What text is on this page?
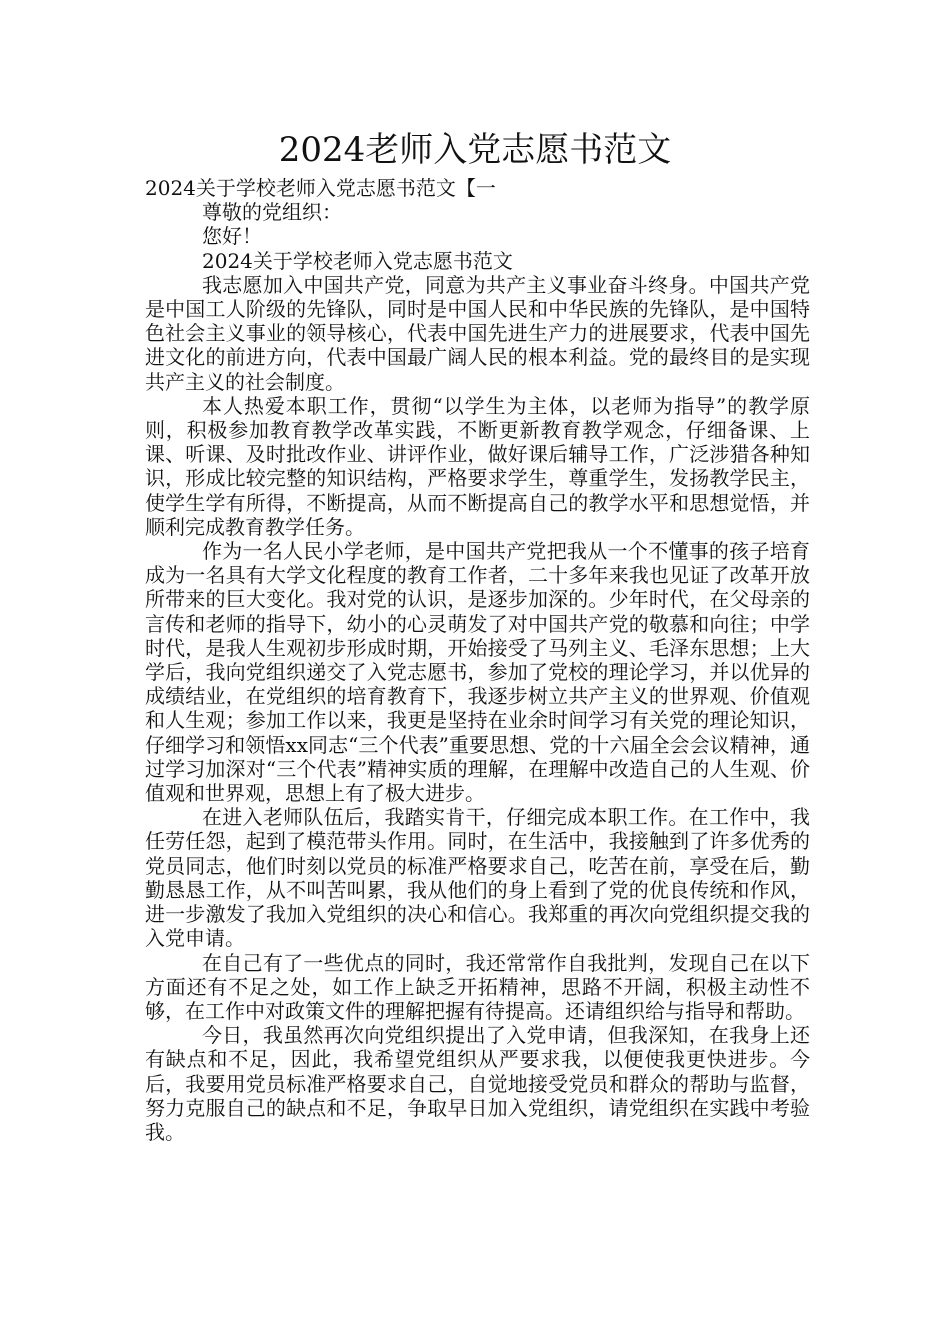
2024老师入党志愿书范文

2024关于学校老师入党志愿书范文【一

尊敬的党组织：

您好！

2024关于学校老师入党志愿书范文

我志愿加入中国共产党，同意为共产主义事业奋斗终身。中国共产党是中国工人阶级的先锋队，同时是中国人民和中华民族的先锋队，是中国特色社会主义事业的领导核心，代表中国先进生产力的进展要求，代表中国先进文化的前进方向，代表中国最广阔人民的根本利益。党的最终目的是实现共产主义的社会制度。

本人热爱本职工作，贯彻“以学生为主体，以老师为指导”的教学原则，积极参加教育教学改革实践，不断更新教育教学观念，仔细备课、上课、听课、及时批改作业、讲评作业，做好课后辅导工作，广泛涉猎各种知识，形成比较完整的知识结构，严格要求学生，尊重学生，发扬教学民主，使学生学有所得，不断提高，从而不断提高自己的教学水平和思想觉悟，并顺利完成教育教学任务。

作为一名人民小学老师，是中国共产党把我从一个不懂事的孩子培育成为一名具有大学文化程度的教育工作者，二十多年来我也见证了改革开放所带来的巨大变化。我对党的认识，是逐步加深的。少年时代，在父母亲的言传和老师的指导下，幼小的心灵萌发了对中国共产党的敬慕和向往；中学时代，是我人生观初步形成时期，开始接受了马列主义、毛泽东思想；上大学后，我向党组织递交了入党志愿书，参加了党校的理论学习，并以优异的成绩结业，在党组织的培育教育下，我逐步树立共产主义的世界观、价值观和人生观；参加工作以来，我更是坚持在业余时间学习有关党的理论知识，仔细学习和领悟xx同志“三个代表”重要思想、党的十六届全会会议精神，通过学习加深对“三个代表”精神实质的理解，在理解中改造自己的人生观、价值观和世界观，思想上有了极大进步。

在进入老师队伍后，我踏实肯干，仔细完成本职工作。在工作中，我任劳任怨，起到了模范带头作用。同时，在生活中，我接触到了许多优秀的党员同志，他们时刻以党员的标准严格要求自己，吃苦在前，享受在后，勤勤恳恳工作，从不叫苦叫累，我从他们的身上看到了党的优良传统和作风，进一步激发了我加入党组织的决心和信心。我郑重的再次向党组织提交我的入党申请。

在自己有了一些优点的同时，我还常常作自我批判，发现自己在以下方面还有不足之处，如工作上缺乏开拓精神，思路不开阔，积极主动性不够，在工作中对政策文件的理解把握有待提高。还请组织给与指导和帮助。

今日，我虽然再次向党组织提出了入党申请，但我深知，在我身上还有缺点和不足，因此，我希望党组织从严要求我，以便使我更快进步。今后，我要用党员标准严格要求自己，自觉地接受党员和群众的帮助与监督，努力克服自己的缺点和不足，争取早日加入党组织，请党组织在实践中考验我。
